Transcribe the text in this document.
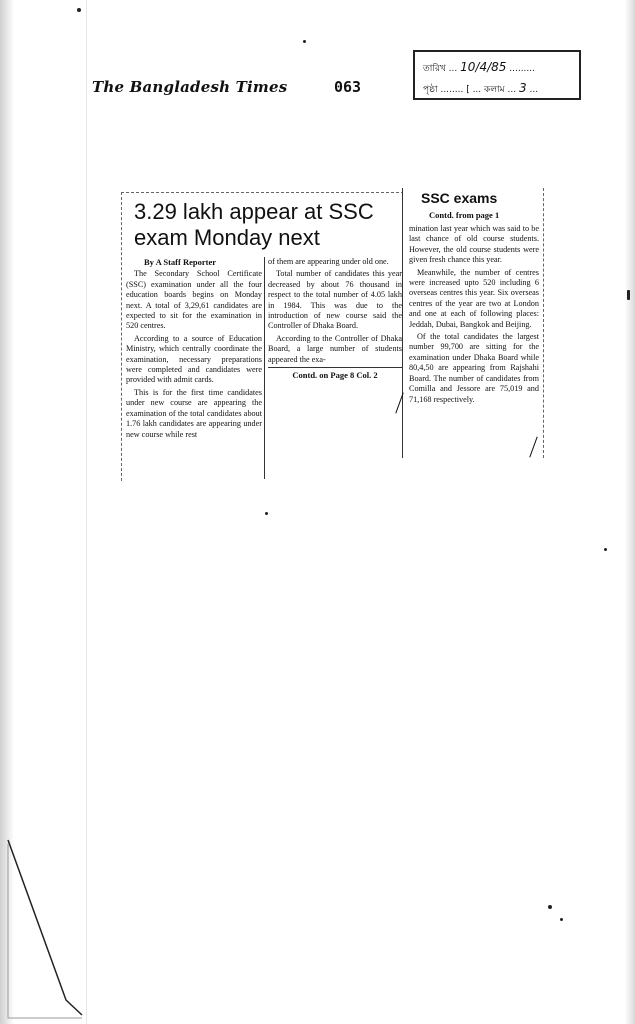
The Bangladesh Times	063
তারিখ ... 10/4/85 .........
পৃষ্ঠা ........ [ ... কলাম ... 3 ...
3.29 lakh appear at SSC
exam Monday next
By A Staff Reporter

The Secondary School Certificate (SSC) examination under all the four education boards begins on Monday next. A total of 3,29,61 candidates are expected to sit for the examination in 520 centres.

According to a source of Education Ministry, which centrally coordinate the examination, necessary preparations were completed and candidates were provided with admit cards.

This is for the first time candidates under new course are appearing the examination of the total candidates about 1.76 lakh candidates are appearing under new course while rest

of them are appearing under old one.

Total number of candidates this year decreased by about 76 thousand in respect to the total number of 4.05 lakh in 1984. This was due to the introduction of new course said the Controller of Dhaka Board.

According to the Controller of Dhaka Board, a large number of students appeared the exa-

Contd. on Page 8 Col. 2
SSC exams
Contd. from page 1

mination last year which was said to be last chance of old course students. However, the old course students were given fresh chance this year.

Meanwhile, the number of centres were increased upto 520 including 6 overseas centres this year. Six overseas centres of the year are two at London and one at each of following places: Jeddah, Dubai, Bangkok and Beijing.

Of the total candidates the largest number 99,700 are sitting for the examination under Dhaka Board while 80,4,50 are appearing from Rajshahi Board. The number of candidates from Comilla and Jessore are 75,019 and 71,168 respectively.
